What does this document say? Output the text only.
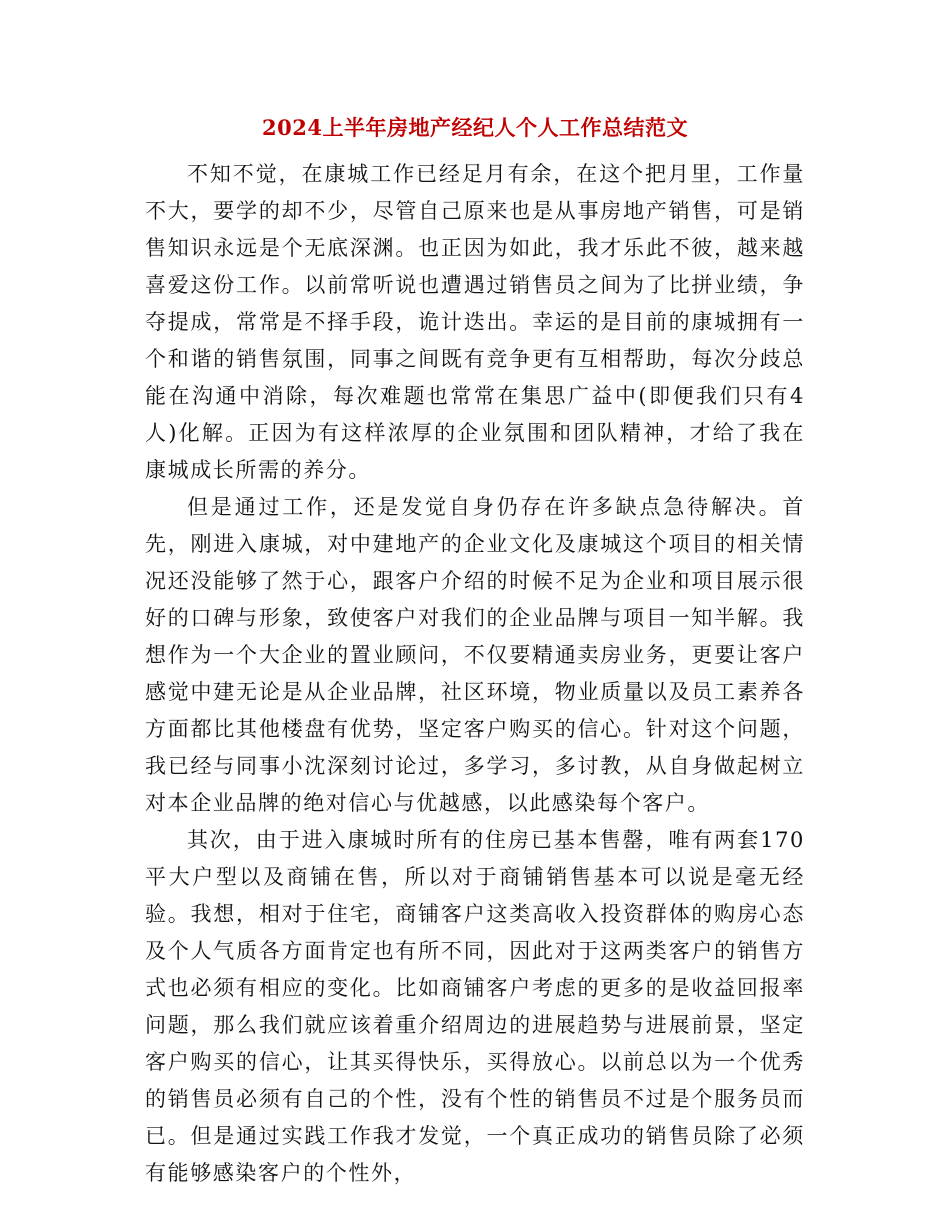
2024上半年房地产经纪人个人工作总结范文

不知不觉，在康城工作已经足月有余，在这个把月里，工作量不大，要学的却不少，尽管自己原来也是从事房地产销售，可是销售知识永远是个无底深渊。也正因为如此，我才乐此不彼，越来越喜爱这份工作。以前常听说也遭遇过销售员之间为了比拼业绩，争夺提成，常常是不择手段，诡计迭出。幸运的是目前的康城拥有一个和谐的销售氛围，同事之间既有竞争更有互相帮助，每次分歧总能在沟通中消除，每次难题也常常在集思广益中(即便我们只有4人)化解。正因为有这样浓厚的企业氛围和团队精神，才给了我在康城成长所需的养分。

但是通过工作，还是发觉自身仍存在许多缺点急待解决。首先，刚进入康城，对中建地产的企业文化及康城这个项目的相关情况还没能够了然于心，跟客户介绍的时候不足为企业和项目展示很好的口碑与形象，致使客户对我们的企业品牌与项目一知半解。我想作为一个大企业的置业顾问，不仅要精通卖房业务，更要让客户感觉中建无论是从企业品牌，社区环境，物业质量以及员工素养各方面都比其他楼盘有优势，坚定客户购买的信心。针对这个问题，我已经与同事小沈深刻讨论过，多学习，多讨教，从自身做起树立对本企业品牌的绝对信心与优越感，以此感染每个客户。

其次，由于进入康城时所有的住房已基本售罄，唯有两套170平大户型以及商铺在售，所以对于商铺销售基本可以说是毫无经验。我想，相对于住宅，商铺客户这类高收入投资群体的购房心态及个人气质各方面肯定也有所不同，因此对于这两类客户的销售方式也必须有相应的变化。比如商铺客户考虑的更多的是收益回报率问题，那么我们就应该着重介绍周边的进展趋势与进展前景，坚定客户购买的信心，让其买得快乐，买得放心。以前总以为一个优秀的销售员必须有自己的个性，没有个性的销售员不过是个服务员而已。但是通过实践工作我才发觉，一个真正成功的销售员除了必须有能够感染客户的个性外，
